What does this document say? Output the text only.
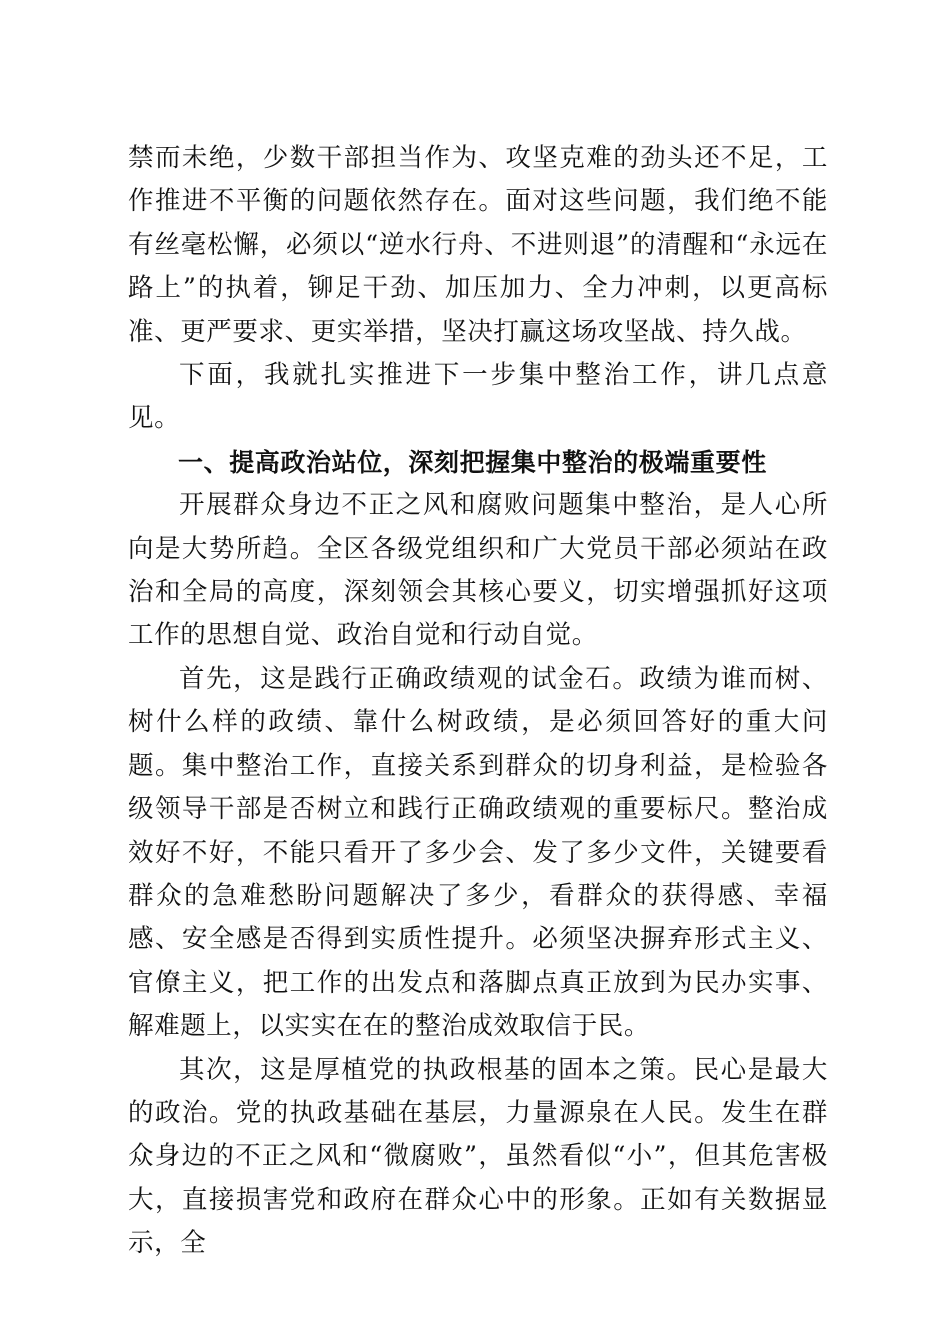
禁而未绝，少数干部担当作为、攻坚克难的劲头还不足，工作推进不平衡的问题依然存在。面对这些问题，我们绝不能有丝毫松懈，必须以“逆水行舟、不进则退”的清醒和“永远在路上”的执着，铆足干劲、加压加力、全力冲刺，以更高标准、更严要求、更实举措，坚决打赢这场攻坚战、持久战。

下面，我就扎实推进下一步集中整治工作，讲几点意见。

一、提高政治站位，深刻把握集中整治的极端重要性

开展群众身边不正之风和腐败问题集中整治，是人心所向是大势所趋。全区各级党组织和广大党员干部必须站在政治和全局的高度，深刻领会其核心要义，切实增强抓好这项工作的思想自觉、政治自觉和行动自觉。

首先，这是践行正确政绩观的试金石。政绩为谁而树、树什么样的政绩、靠什么树政绩，是必须回答好的重大问题。集中整治工作，直接关系到群众的切身利益，是检验各级领导干部是否树立和践行正确政绩观的重要标尺。整治成效好不好，不能只看开了多少会、发了多少文件，关键要看群众的急难愁盼问题解决了多少，看群众的获得感、幸福感、安全感是否得到实质性提升。必须坚决摒弃形式主义、官僚主义，把工作的出发点和落脚点真正放到为民办实事、解难题上，以实实在在的整治成效取信于民。

其次，这是厚植党的执政根基的固本之策。民心是最大的政治。党的执政基础在基层，力量源泉在人民。发生在群众身边的不正之风和“微腐败”，虽然看似“小”，但其危害极大，直接损害党和政府在群众心中的形象。正如有关数据显示，全
